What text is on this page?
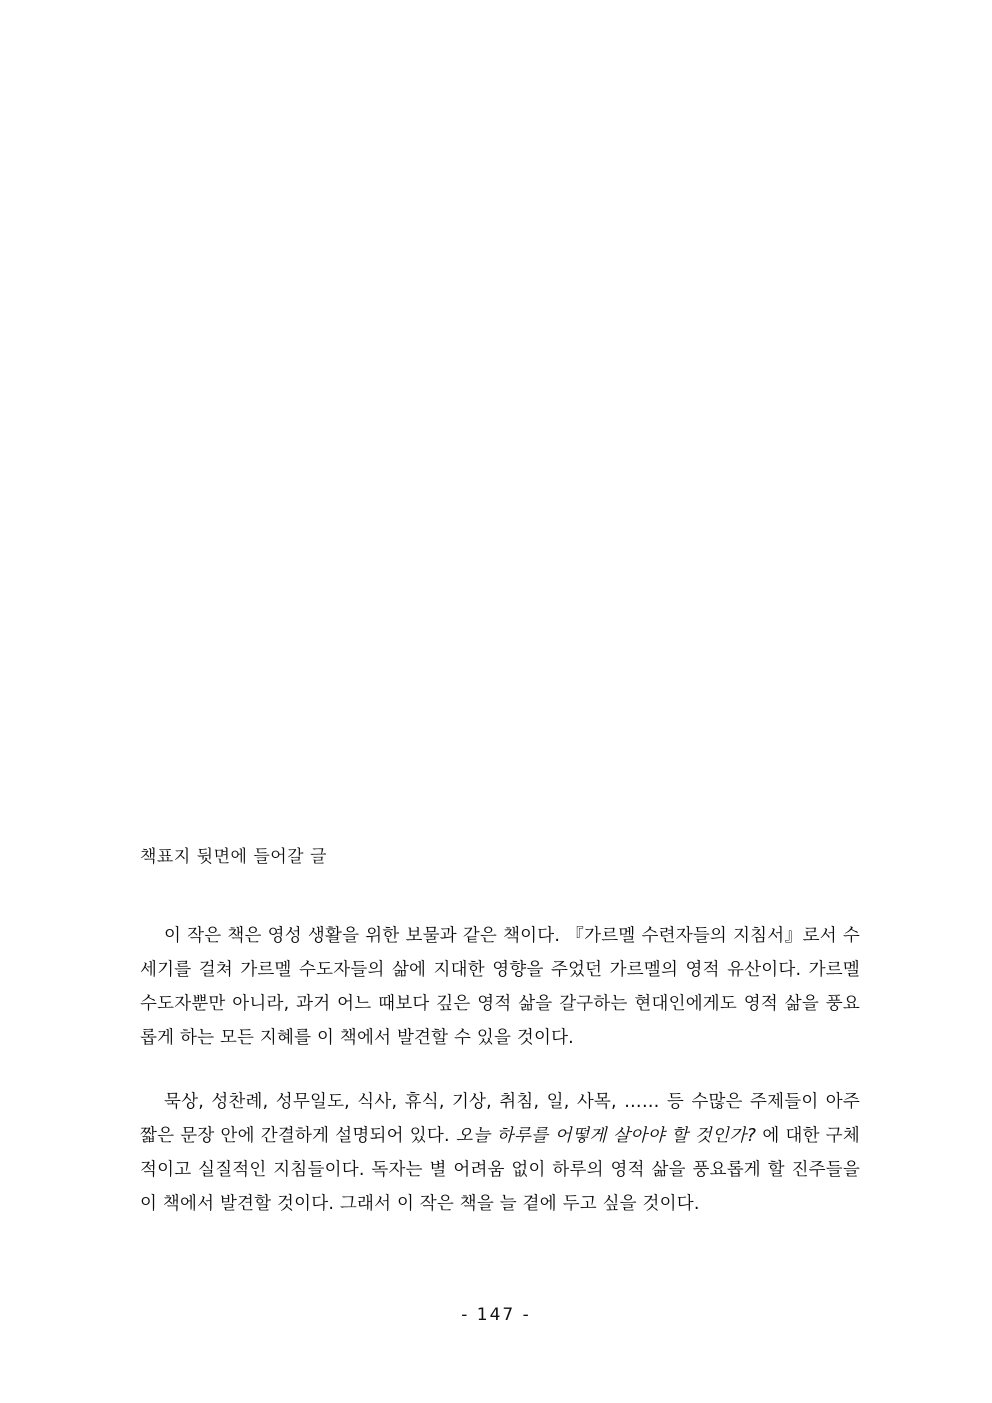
책표지 뒷면에 들어갈 글
이 작은 책은 영성 생활을 위한 보물과 같은 책이다. 『가르멜 수련자들의 지침서』로서 수 세기를 걸쳐 가르멜 수도자들의 삶에 지대한 영향을 주었던 가르멜의 영적 유산이다. 가르멜 수도자뿐만 아니라, 과거 어느 때보다 깊은 영적 삶을 갈구하는 현대인에게도 영적 삶을 풍요롭게 하는 모든 지혜를 이 책에서 발견할 수 있을 것이다.
묵상, 성찬례, 성무일도, 식사, 휴식, 기상, 취침, 일, 사목, …… 등 수많은 주제들이 아주 짧은 문장 안에 간결하게 설명되어 있다. 오늘 하루를 어떻게 살아야 할 것인가? 에 대한 구체적이고 실질적인 지침들이다. 독자는 별 어려움 없이 하루의 영적 삶을 풍요롭게 할 진주들을 이 책에서 발견할 것이다. 그래서 이 작은 책을 늘 곁에 두고 싶을 것이다.
- 147 -
